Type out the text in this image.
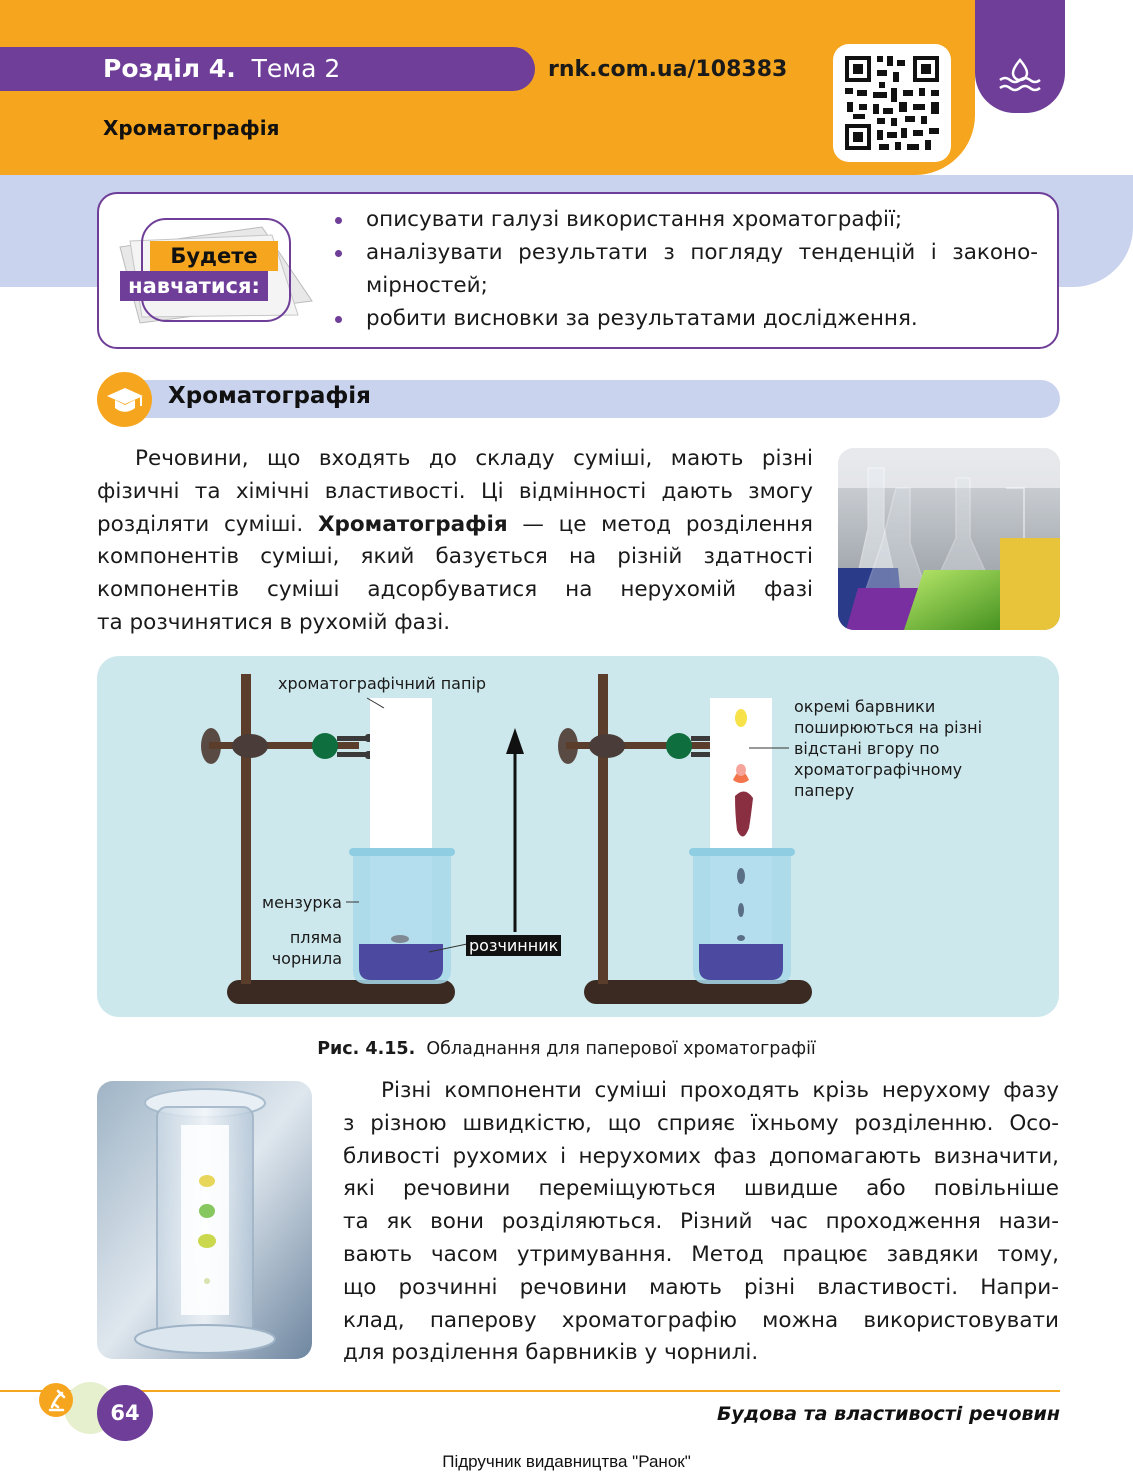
Розділ 4. Тема 2	rnk.com.ua/108383
Хроматографія
Будете
навчатися:
описувати галузі використання хроматографії;
аналізувати результати з погляду тенденцій і законо-
мірностей;
робити висновки за результатами дослідження.
Хроматографія
Речовини, що входять до складу суміші, мають різні
фізичні та хімічні властивості. Ці відмінності дають змогу
розділяти суміші. Хроматографія — це метод розділення
компонентів суміші, який базується на різній здатності
компонентів суміші адсорбуватися на нерухомій фазі
та розчинятися в рухомій фазі.
хроматографічний папір
мензурка
пляма
чорнила
розчинник
окремі барвники
поширюються на різні
відстані вгору по
хроматографічному
паперу
Рис. 4.15. Обладнання для паперової хроматографії
Різні компоненти суміші проходять крізь нерухому фазу
з різною швидкістю, що сприяє їхньому розділенню. Осо-
бливості рухомих і нерухомих фаз допомагають визначити,
які речовини переміщуються швидше або повільніше
та як вони розділяються. Різний час проходження нази-
вають часом утримування. Метод працює завдяки тому,
що розчинні речовини мають різні властивості. Напри-
клад, паперову хроматографію можна використовувати
для розділення барвників у чорнилі.
64	Будова та властивості речовин
Підручник видавництва "Ранок"
